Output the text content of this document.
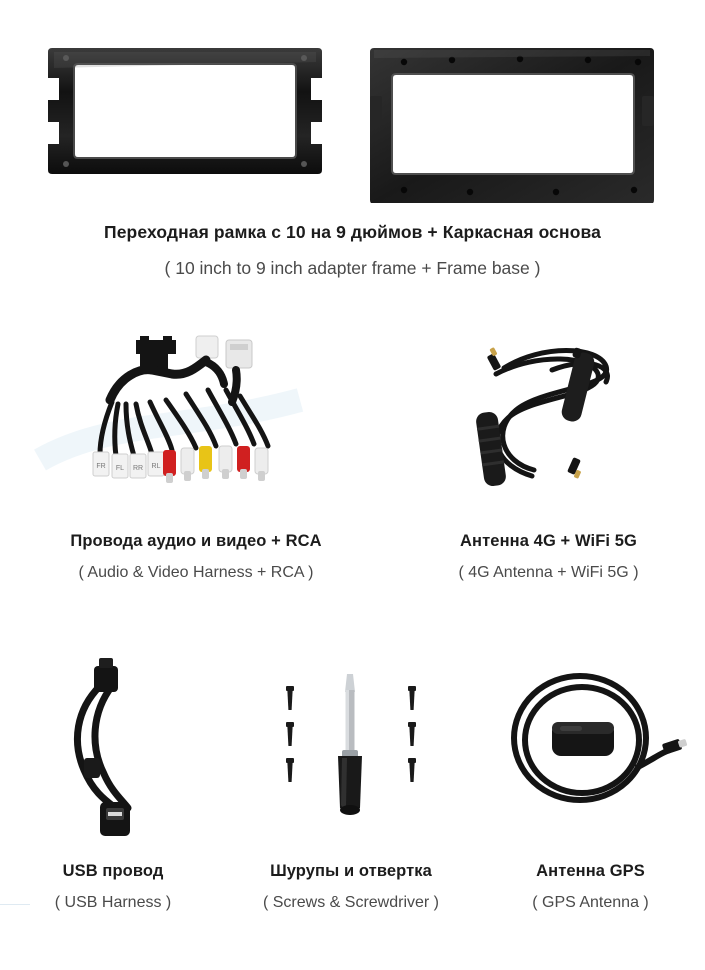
Переходная рамка с 10 на 9 дюймов + Каркасная основа
( 10 inch to 9 inch adapter frame + Frame base )
FR FL RR RL
Провода аудио и видео + RCA
( Audio & Video Harness + RCA )
Антенна 4G + WiFi 5G
( 4G Antenna + WiFi 5G )
USB провод
( USB Harness )
Шурупы и отвертка
( Screws & Screwdriver )
Антенна GPS
( GPS Antenna )
